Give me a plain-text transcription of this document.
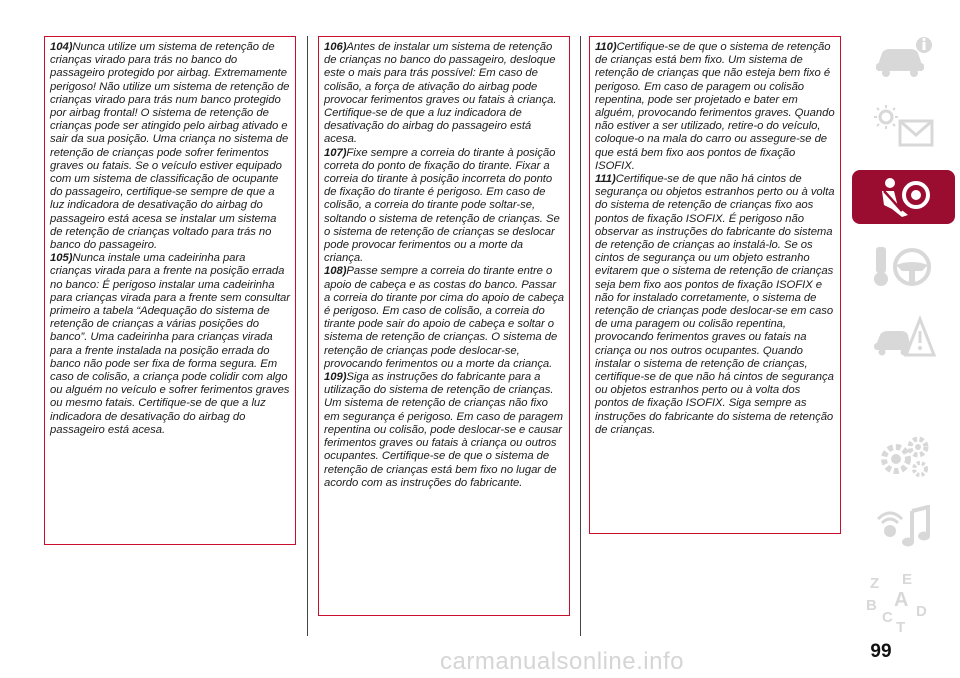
104)Nunca utilize um sistema de retenção de crianças virado para trás no banco do passageiro protegido por airbag. Extremamente perigoso! Não utilize um sistema de retenção de crianças virado para trás num banco protegido por airbag frontal! O sistema de retenção de crianças pode ser atingido pelo airbag ativado e sair da sua posição. Uma criança no sistema de retenção de crianças pode sofrer ferimentos graves ou fatais. Se o veículo estiver equipado com um sistema de classificação de ocupante do passageiro, certifique-se sempre de que a luz indicadora de desativação do airbag do passageiro está acesa se instalar um sistema de retenção de crianças voltado para trás no banco do passageiro.

105)Nunca instale uma cadeirinha para crianças virada para a frente na posição errada no banco: É perigoso instalar uma cadeirinha para crianças virada para a frente sem consultar primeiro a tabela “Adequação do sistema de retenção de crianças a várias posições do banco”. Uma cadeirinha para crianças virada para a frente instalada na posição errada do banco não pode ser fixa de forma segura. Em caso de colisão, a criança pode colidir com algo ou alguém no veículo e sofrer ferimentos graves ou mesmo fatais. Certifique-se de que a luz indicadora de desativação do airbag do passageiro está acesa.

106)Antes de instalar um sistema de retenção de crianças no banco do passageiro, desloque este o mais para trás possível: Em caso de colisão, a força de ativação do airbag pode provocar ferimentos graves ou fatais à criança. Certifique-se de que a luz indicadora de desativação do airbag do passageiro está acesa.

107)Fixe sempre a correia do tirante à posição correta do ponto de fixação do tirante. Fixar a correia do tirante à posição incorreta do ponto de fixação do tirante é perigoso. Em caso de colisão, a correia do tirante pode soltar-se, soltando o sistema de retenção de crianças. Se o sistema de retenção de crianças se deslocar pode provocar ferimentos ou a morte da criança.

108)Passe sempre a correia do tirante entre o apoio de cabeça e as costas do banco. Passar a correia do tirante por cima do apoio de cabeça é perigoso. Em caso de colisão, a correia do tirante pode sair do apoio de cabeça e soltar o sistema de retenção de crianças. O sistema de retenção de crianças pode deslocar-se, provocando ferimentos ou a morte da criança.

109)Siga as instruções do fabricante para a utilização do sistema de retenção de crianças. Um sistema de retenção de crianças não fixo em segurança é perigoso. Em caso de paragem repentina ou colisão, pode deslocar-se e causar ferimentos graves ou fatais à criança ou outros ocupantes. Certifique-se de que o sistema de retenção de crianças está bem fixo no lugar de acordo com as instruções do fabricante.

110)Certifique-se de que o sistema de retenção de crianças está bem fixo. Um sistema de retenção de crianças que não esteja bem fixo é perigoso. Em caso de paragem ou colisão repentina, pode ser projetado e bater em alguém, provocando ferimentos graves. Quando não estiver a ser utilizado, retire-o do veículo, coloque-o na mala do carro ou assegure-se de que está bem fixo aos pontos de fixação ISOFIX.

111)Certifique-se de que não há cintos de segurança ou objetos estranhos perto ou à volta do sistema de retenção de crianças fixo aos pontos de fixação ISOFIX. É perigoso não observar as instruções do fabricante do sistema de retenção de crianças ao instalá-lo. Se os cintos de segurança ou um objeto estranho evitarem que o sistema de retenção de crianças seja bem fixo aos pontos de fixação ISOFIX e não for instalado corretamente, o sistema de retenção de crianças pode deslocar-se em caso de uma paragem ou colisão repentina, provocando ferimentos graves ou fatais na criança ou nos outros ocupantes. Quando instalar o sistema de retenção de crianças, certifique-se de que não há cintos de segurança ou objetos estranhos perto ou à volta dos pontos de fixação ISOFIX. Siga sempre as instruções do fabricante do sistema de retenção de crianças.

Z E
B A
C D
T
99
carmanualsonline.info
